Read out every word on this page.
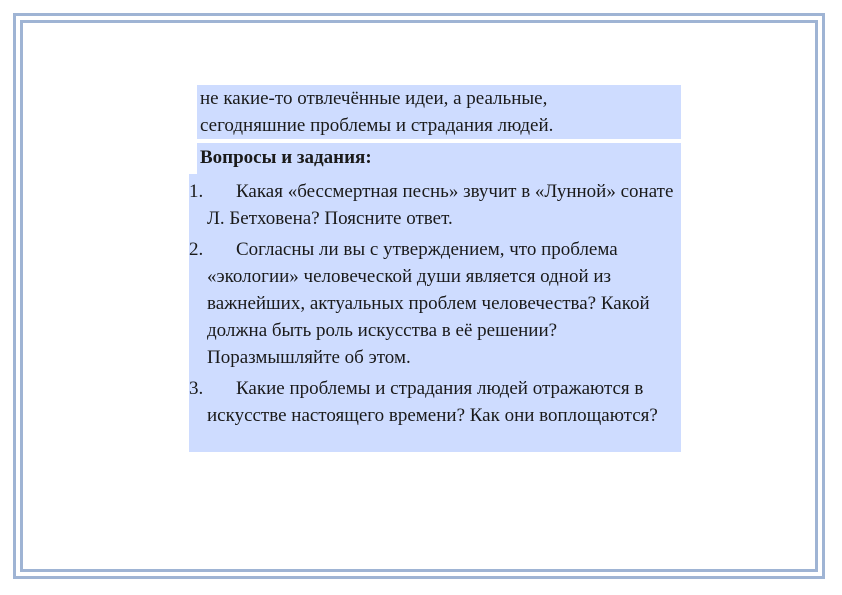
не какие-то отвлечённые идеи, а реальные,
сегодняшние проблемы и страдания людей.
Вопросы и задания:
1.	Какая «бессмертная песнь» звучит в «Лунной» сонате Л. Бетховена? Поясните ответ.
2.	Согласны ли вы с утверждением, что проблема «экологии» человеческой души является одной из важнейших, актуальных проблем человечества? Какой должна быть роль искусства в её решении? Поразмышляйте об этом.
3.	Какие проблемы и страдания людей отражаются в искусстве настоящего времени? Как они воплощаются?
